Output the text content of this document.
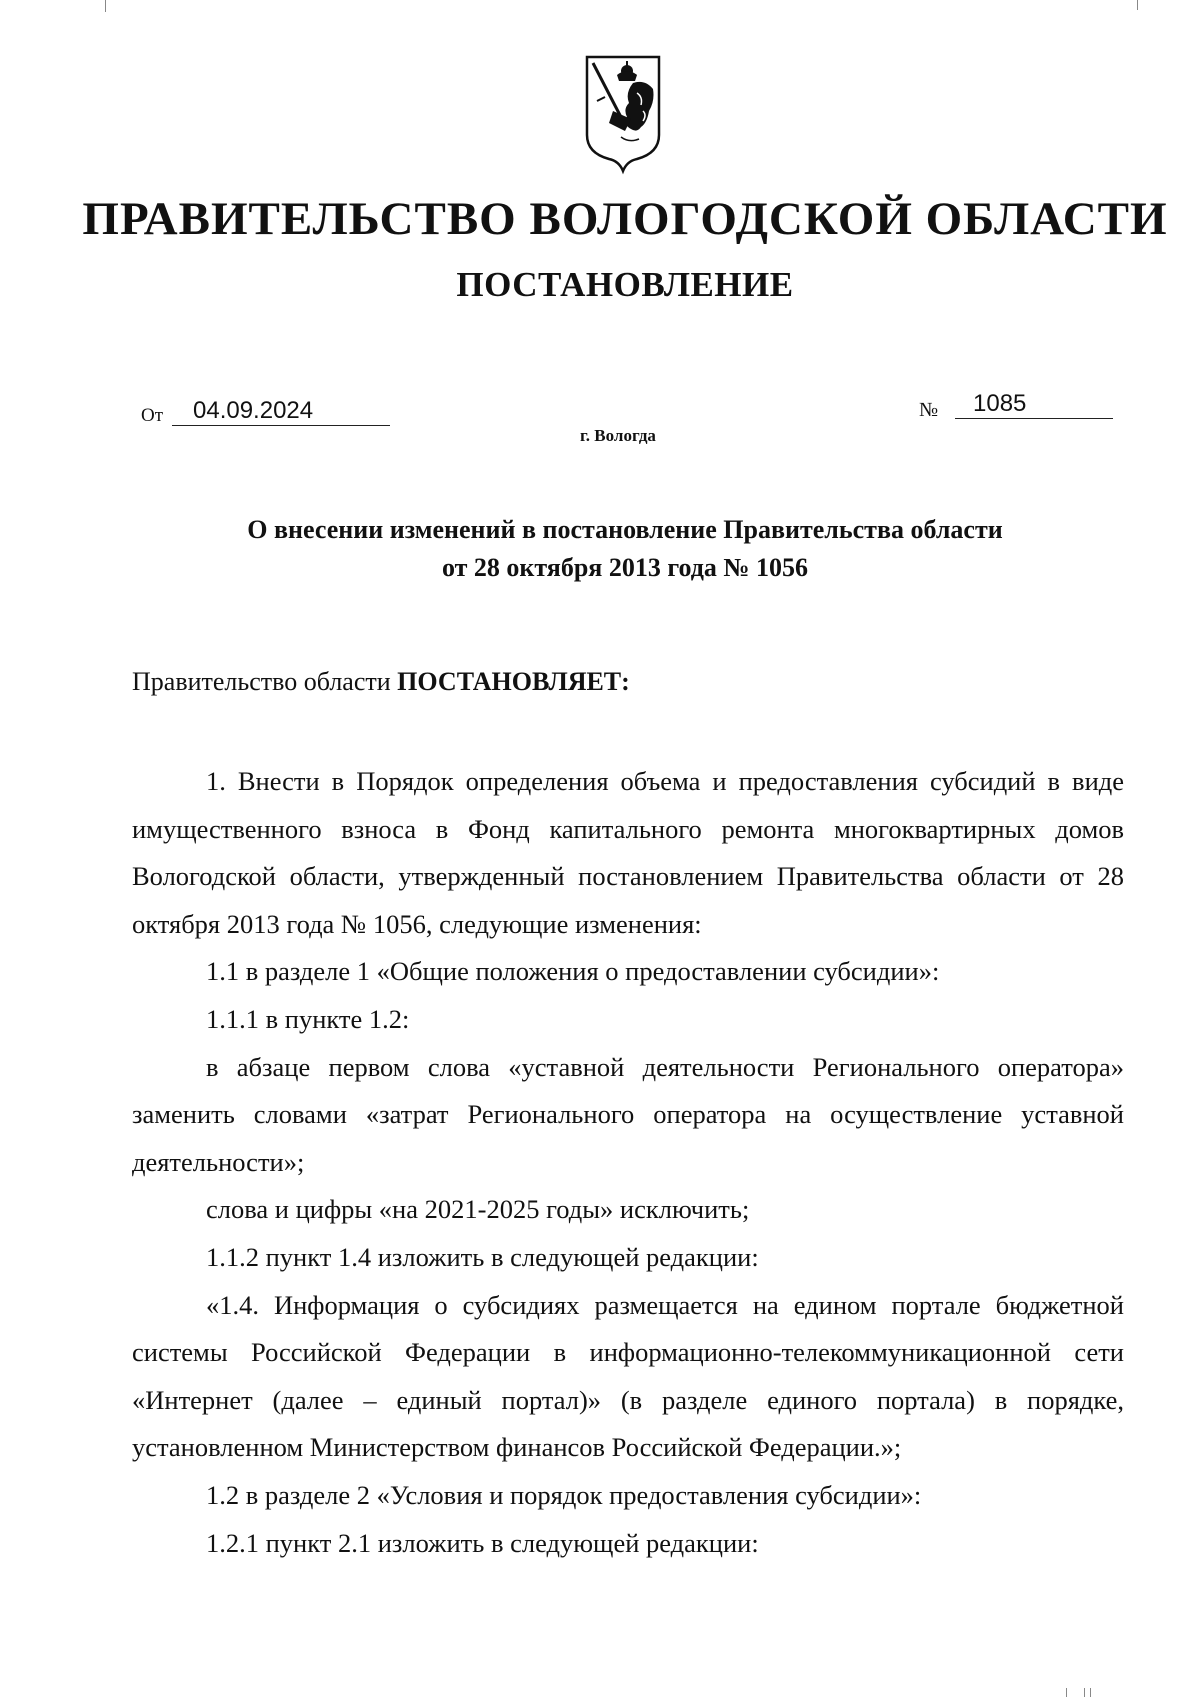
ПРАВИТЕЛЬСТВО ВОЛОГОДСКОЙ ОБЛАСТИ
ПОСТАНОВЛЕНИЕ
От 04.09.2024	№ 1085
г. Вологда
О внесении изменений в постановление Правительства области
от 28 октября 2013 года № 1056
Правительство области ПОСТАНОВЛЯЕТ:

1. Внести в Порядок определения объема и предоставления субсидий в виде имущественного взноса в Фонд капитального ремонта многоквартирных домов Вологодской области, утвержденный постановлением Правительства области от 28 октября 2013 года № 1056, следующие изменения:

1.1 в разделе 1 «Общие положения о предоставлении субсидии»:

1.1.1 в пункте 1.2:

в абзаце первом слова «уставной деятельности Регионального оператора» заменить словами «затрат Регионального оператора на осуществление уставной деятельности»;

слова и цифры «на 2021-2025 годы» исключить;

1.1.2 пункт 1.4 изложить в следующей редакции:

«1.4. Информация о субсидиях размещается на едином портале бюджетной системы Российской Федерации в информационно-телекоммуникационной сети «Интернет (далее – единый портал)» (в разделе единого портала) в порядке, установленном Министерством финансов Российской Федерации.»;

1.2 в разделе 2 «Условия и порядок предоставления субсидии»:

1.2.1 пункт 2.1 изложить в следующей редакции:
